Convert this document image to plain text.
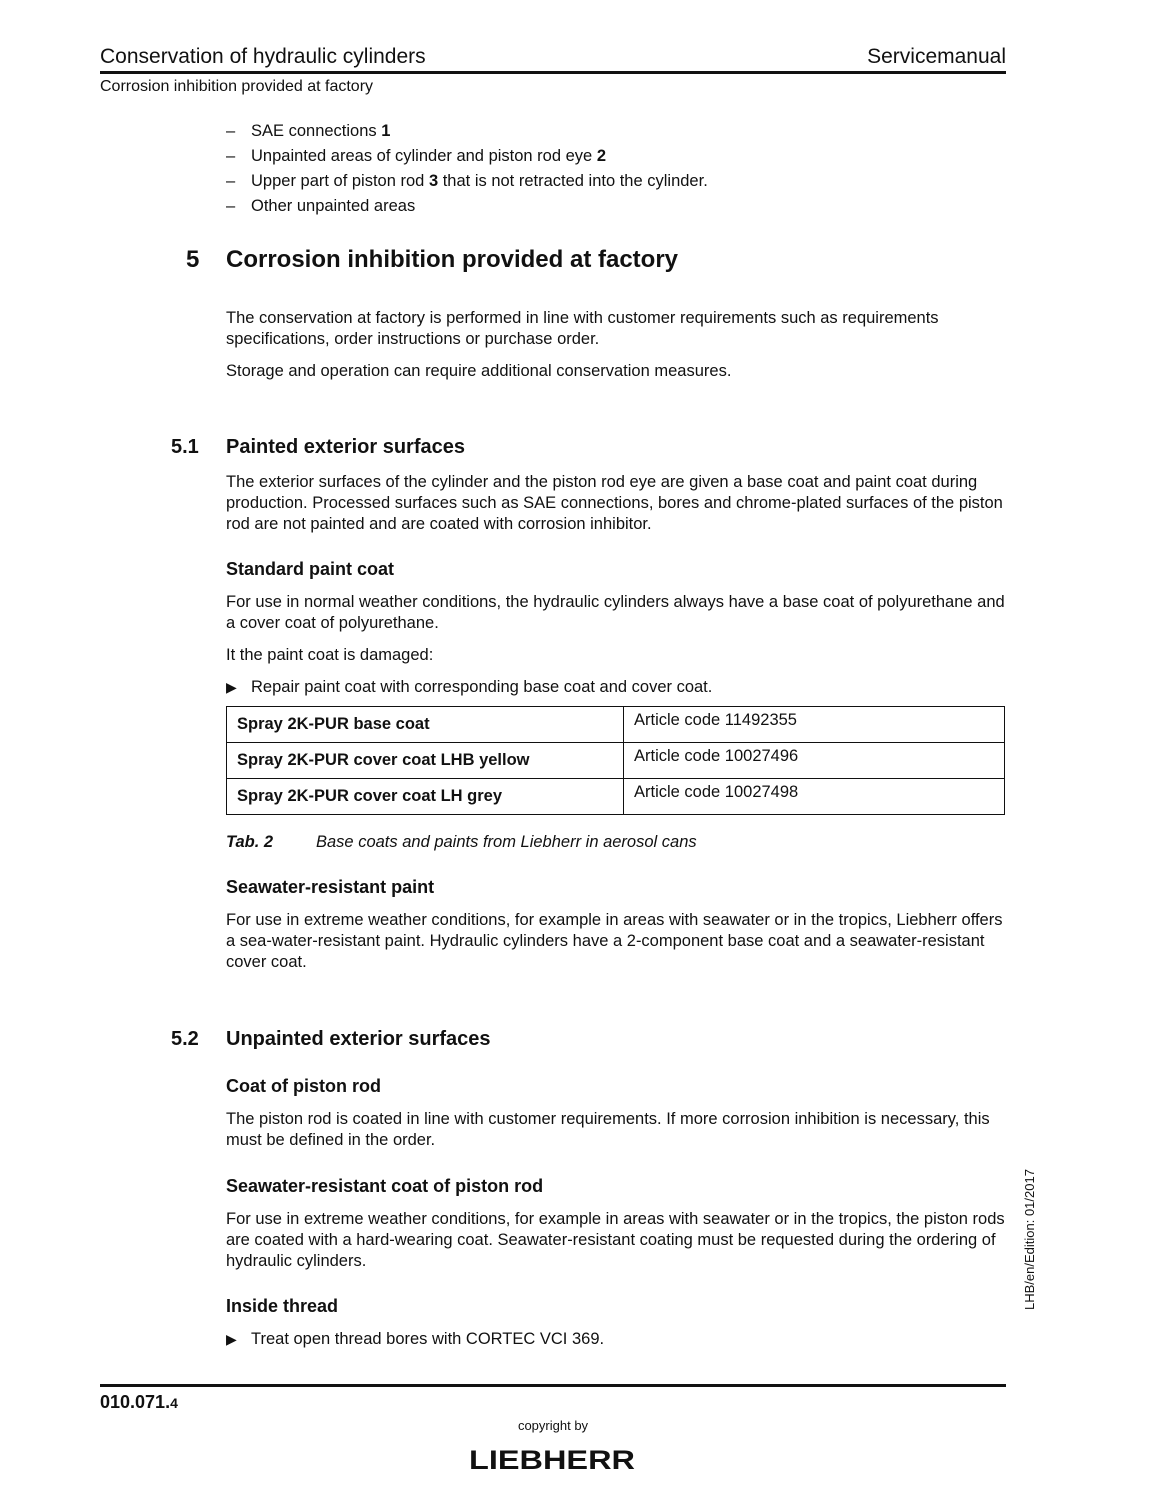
Conservation of hydraulic cylinders	Servicemanual
Corrosion inhibition provided at factory
– SAE connections 1
– Unpainted areas of cylinder and piston rod eye 2
– Upper part of piston rod 3 that is not retracted into the cylinder.
– Other unpainted areas
5 Corrosion inhibition provided at factory

The conservation at factory is performed in line with customer requirements such as requirements specifications, order instructions or purchase order.

Storage and operation can require additional conservation measures.

5.1 Painted exterior surfaces

The exterior surfaces of the cylinder and the piston rod eye are given a base coat and paint coat during production. Processed surfaces such as SAE connections, bores and chrome-plated surfaces of the piston rod are not painted and are coated with corrosion inhibitor.

Standard paint coat

For use in normal weather conditions, the hydraulic cylinders always have a base coat of polyurethane and a cover coat of polyurethane.

It the paint coat is damaged:

▶ Repair paint coat with corresponding base coat and cover coat.
Spray 2K-PUR base coat	Article code 11492355
Spray 2K-PUR cover coat LHB yellow	Article code 10027496
Spray 2K-PUR cover coat LH grey	Article code 10027498
Tab. 2	Base coats and paints from Liebherr in aerosol cans
Seawater-resistant paint

For use in extreme weather conditions, for example in areas with seawater or in the tropics, Liebherr offers a sea-water-resistant paint. Hydraulic cylinders have a 2-component base coat and a seawater-resistant cover coat.

5.2 Unpainted exterior surfaces
Coat of piston rod

The piston rod is coated in line with customer requirements. If more corrosion inhibition is necessary, this must be defined in the order.

Seawater-resistant coat of piston rod

For use in extreme weather conditions, for example in areas with seawater or in the tropics, the piston rods are coated with a hard-wearing coat. Seawater-resistant coating must be requested during the ordering of hydraulic cylinders.

Inside thread
▶ Treat open thread bores with CORTEC VCI 369.
LHB/en/Edition: 01/2017
010.071.4
copyright by
LIEBHERR
